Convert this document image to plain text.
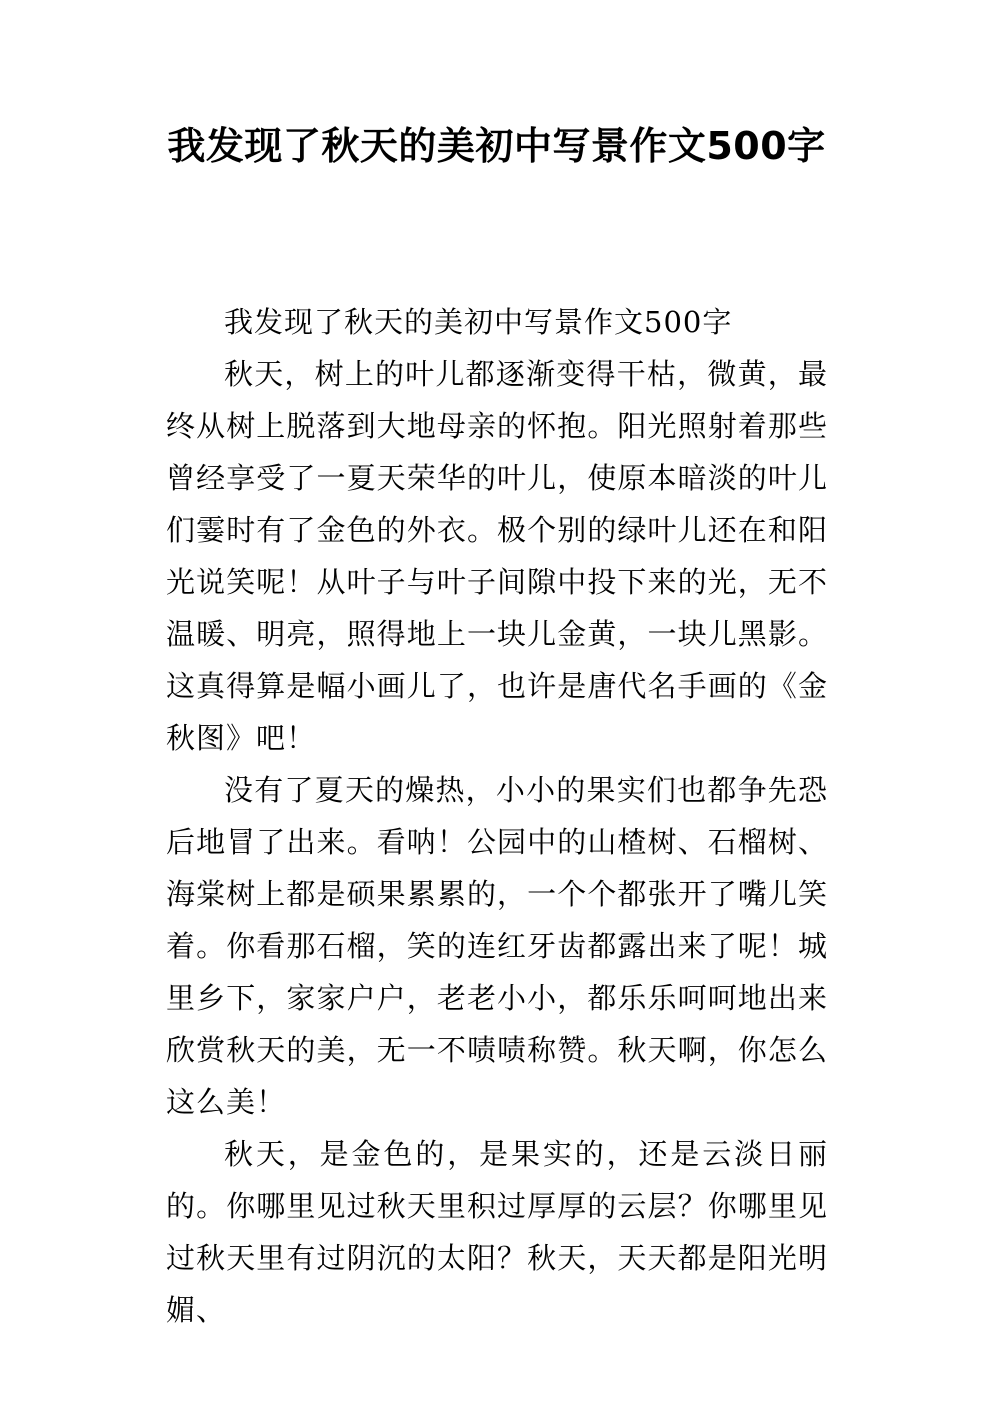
我发现了秋天的美初中写景作文500字

我发现了秋天的美初中写景作文500字

秋天，树上的叶儿都逐渐变得干枯，微黄，最终从树上脱落到大地母亲的怀抱。阳光照射着那些曾经享受了一夏天荣华的叶儿，使原本暗淡的叶儿们霎时有了金色的外衣。极个别的绿叶儿还在和阳光说笑呢！从叶子与叶子间隙中投下来的光，无不温暖、明亮，照得地上一块儿金黄，一块儿黑影。这真得算是幅小画儿了，也许是唐代名手画的《金秋图》吧！

没有了夏天的燥热，小小的果实们也都争先恐后地冒了出来。看呐！公园中的山楂树、石榴树、海棠树上都是硕果累累的，一个个都张开了嘴儿笑着。你看那石榴，笑的连红牙齿都露出来了呢！城里乡下，家家户户，老老小小，都乐乐呵呵地出来欣赏秋天的美，无一不啧啧称赞。秋天啊，你怎么这么美！

秋天，是金色的，是果实的，还是云淡日丽的。你哪里见过秋天里积过厚厚的云层？你哪里见过秋天里有过阴沉的太阳？秋天，天天都是阳光明媚、
